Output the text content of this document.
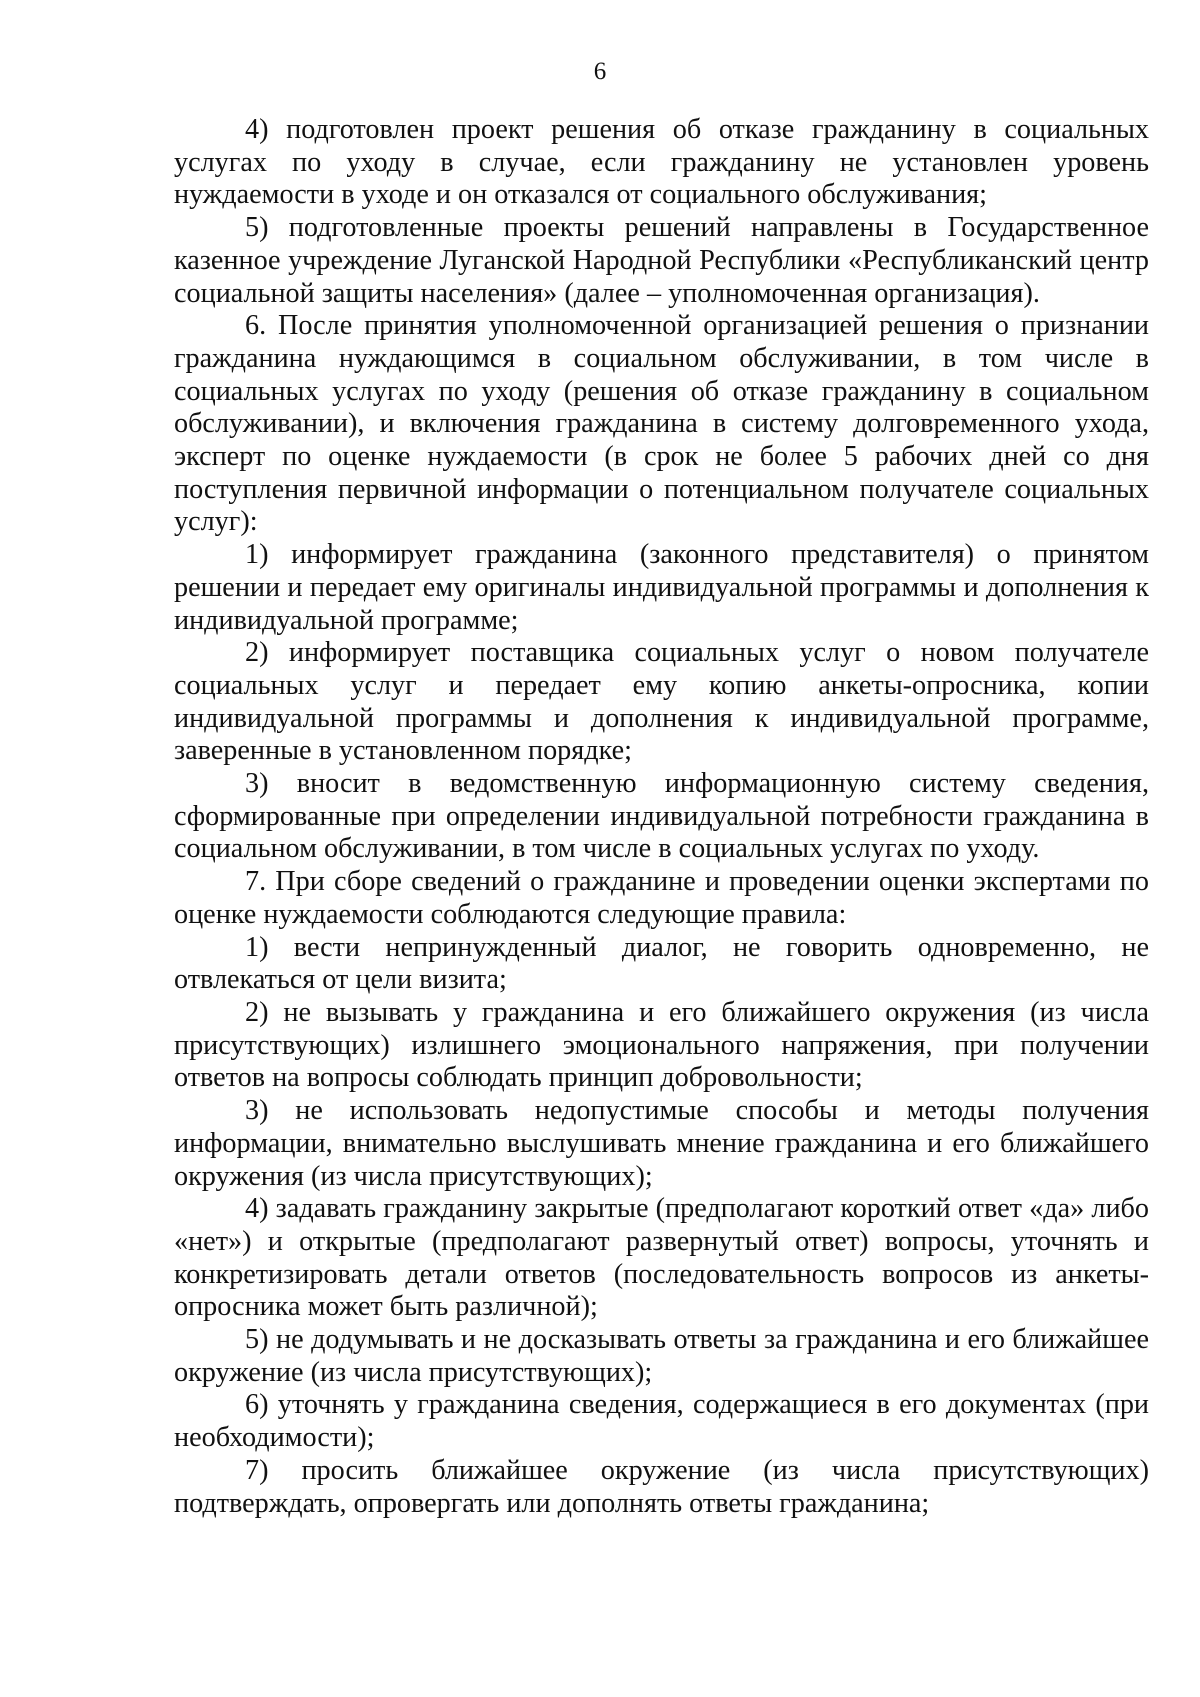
6

4) подготовлен проект решения об отказе гражданину в социальных услугах по уходу в случае, если гражданину не установлен уровень нуждаемости в уходе и он отказался от социального обслуживания;

5) подготовленные проекты решений направлены в Государственное казенное учреждение Луганской Народной Республики «Республиканский центр социальной защиты населения» (далее – уполномоченная организация).

6. После принятия уполномоченной организацией решения о признании гражданина нуждающимся в социальном обслуживании, в том числе в социальных услугах по уходу (решения об отказе гражданину в социальном обслуживании), и включения гражданина в систему долговременного ухода, эксперт по оценке нуждаемости (в срок не более 5 рабочих дней со дня поступления первичной информации о потенциальном получателе социальных услуг):

1) информирует гражданина (законного представителя) о принятом решении и передает ему оригиналы индивидуальной программы и дополнения к индивидуальной программе;

2) информирует поставщика социальных услуг о новом получателе социальных услуг и передает ему копию анкеты-опросника, копии индивидуальной программы и дополнения к индивидуальной программе, заверенные в установленном порядке;

3) вносит в ведомственную информационную систему сведения, сформированные при определении индивидуальной потребности гражданина в социальном обслуживании, в том числе в социальных услугах по уходу.

7. При сборе сведений о гражданине и проведении оценки экспертами по оценке нуждаемости соблюдаются следующие правила:

1) вести непринужденный диалог, не говорить одновременно, не отвлекаться от цели визита;

2) не вызывать у гражданина и его ближайшего окружения (из числа присутствующих) излишнего эмоционального напряжения, при получении ответов на вопросы соблюдать принцип добровольности;

3) не использовать недопустимые способы и методы получения информации, внимательно выслушивать мнение гражданина и его ближайшего окружения (из числа присутствующих);

4) задавать гражданину закрытые (предполагают короткий ответ «да» либо «нет») и открытые (предполагают развернутый ответ) вопросы, уточнять и конкретизировать детали ответов (последовательность вопросов из анкеты-опросника может быть различной);

5) не додумывать и не досказывать ответы за гражданина и его ближайшее окружение (из числа присутствующих);

6) уточнять у гражданина сведения, содержащиеся в его документах (при необходимости);

7) просить ближайшее окружение (из числа присутствующих) подтверждать, опровергать или дополнять ответы гражданина;
